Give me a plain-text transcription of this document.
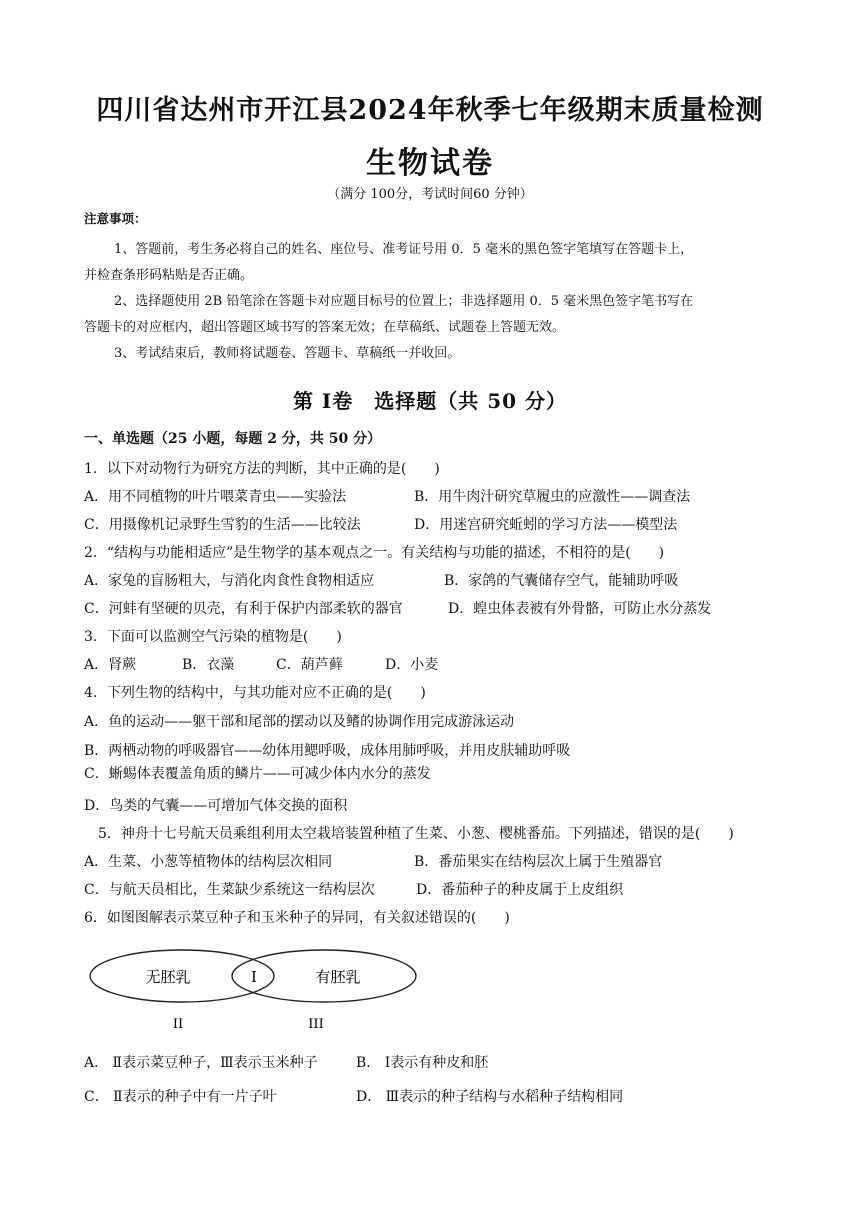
四川省达州市开江县2024年秋季七年级期末质量检测
生物试卷
（满分 100分，考试时间60 分钟）
注意事项：
1、答题前，考生务必将自己的姓名、座位号、准考证号用 0．5 毫米的黑色签字笔填写在答题卡上，
并检查条形码粘贴是否正确。
2、选择题使用 2B 铅笔涂在答题卡对应题目标号的位置上；非选择题用 0．5 毫米黑色签字笔书写在
答题卡的对应框内，超出答题区域书写的答案无效；在草稿纸、试题卷上答题无效。
3、考试结束后，教师将试题卷、答题卡、草稿纸一并收回。
第 Ⅰ卷　选择题（共 50 分）
一、单选题（25 小题，每题 2 分，共 50 分）
1．以下对动物行为研究方法的判断，其中正确的是(　　)
A．用不同植物的叶片喂菜青虫——实验法	B．用牛肉汁研究草履虫的应激性——调查法
C．用摄像机记录野生雪豹的生活——比较法	D．用迷宫研究蚯蚓的学习方法——模型法
2．“结构与功能相适应”是生物学的基本观点之一。有关结构与功能的描述，不相符的是(　　)
A．家兔的盲肠粗大，与消化肉食性食物相适应	B．家鸽的气囊储存空气，能辅助呼吸
C．河蚌有坚硬的贝壳，有利于保护内部柔软的器官	D．蝗虫体表被有外骨骼，可防止水分蒸发
3．下面可以监测空气污染的植物是(　　)
A．肾蕨	B．衣藻	C．葫芦藓	D．小麦
4．下列生物的结构中，与其功能对应不正确的是(　　)
A．鱼的运动——躯干部和尾部的摆动以及鳍的协调作用完成游泳运动
B．两栖动物的呼吸器官——幼体用鳃呼吸，成体用肺呼吸，并用皮肤辅助呼吸
C．蜥蜴体表覆盖角质的鳞片——可减少体内水分的蒸发
D．鸟类的气囊——可增加气体交换的面积
5．神舟十七号航天员乘组利用太空栽培装置种植了生菜、小葱、樱桃番茄。下列描述，错误的是(　　)
A．生菜、小葱等植物体的结构层次相同	B．番茄果实在结构层次上属于生殖器官
C．与航天员相比，生菜缺少系统这一结构层次	D．番茄种子的种皮属于上皮组织
6．如图图解表示菜豆种子和玉米种子的异同，有关叙述错误的(　　)
无胚乳	I	有胚乳
II	III
A． Ⅱ表示菜豆种子，Ⅲ表示玉米种子	B． Ⅰ表示有种皮和胚
C． Ⅱ表示的种子中有一片子叶	D． Ⅲ表示的种子结构与水稻种子结构相同
